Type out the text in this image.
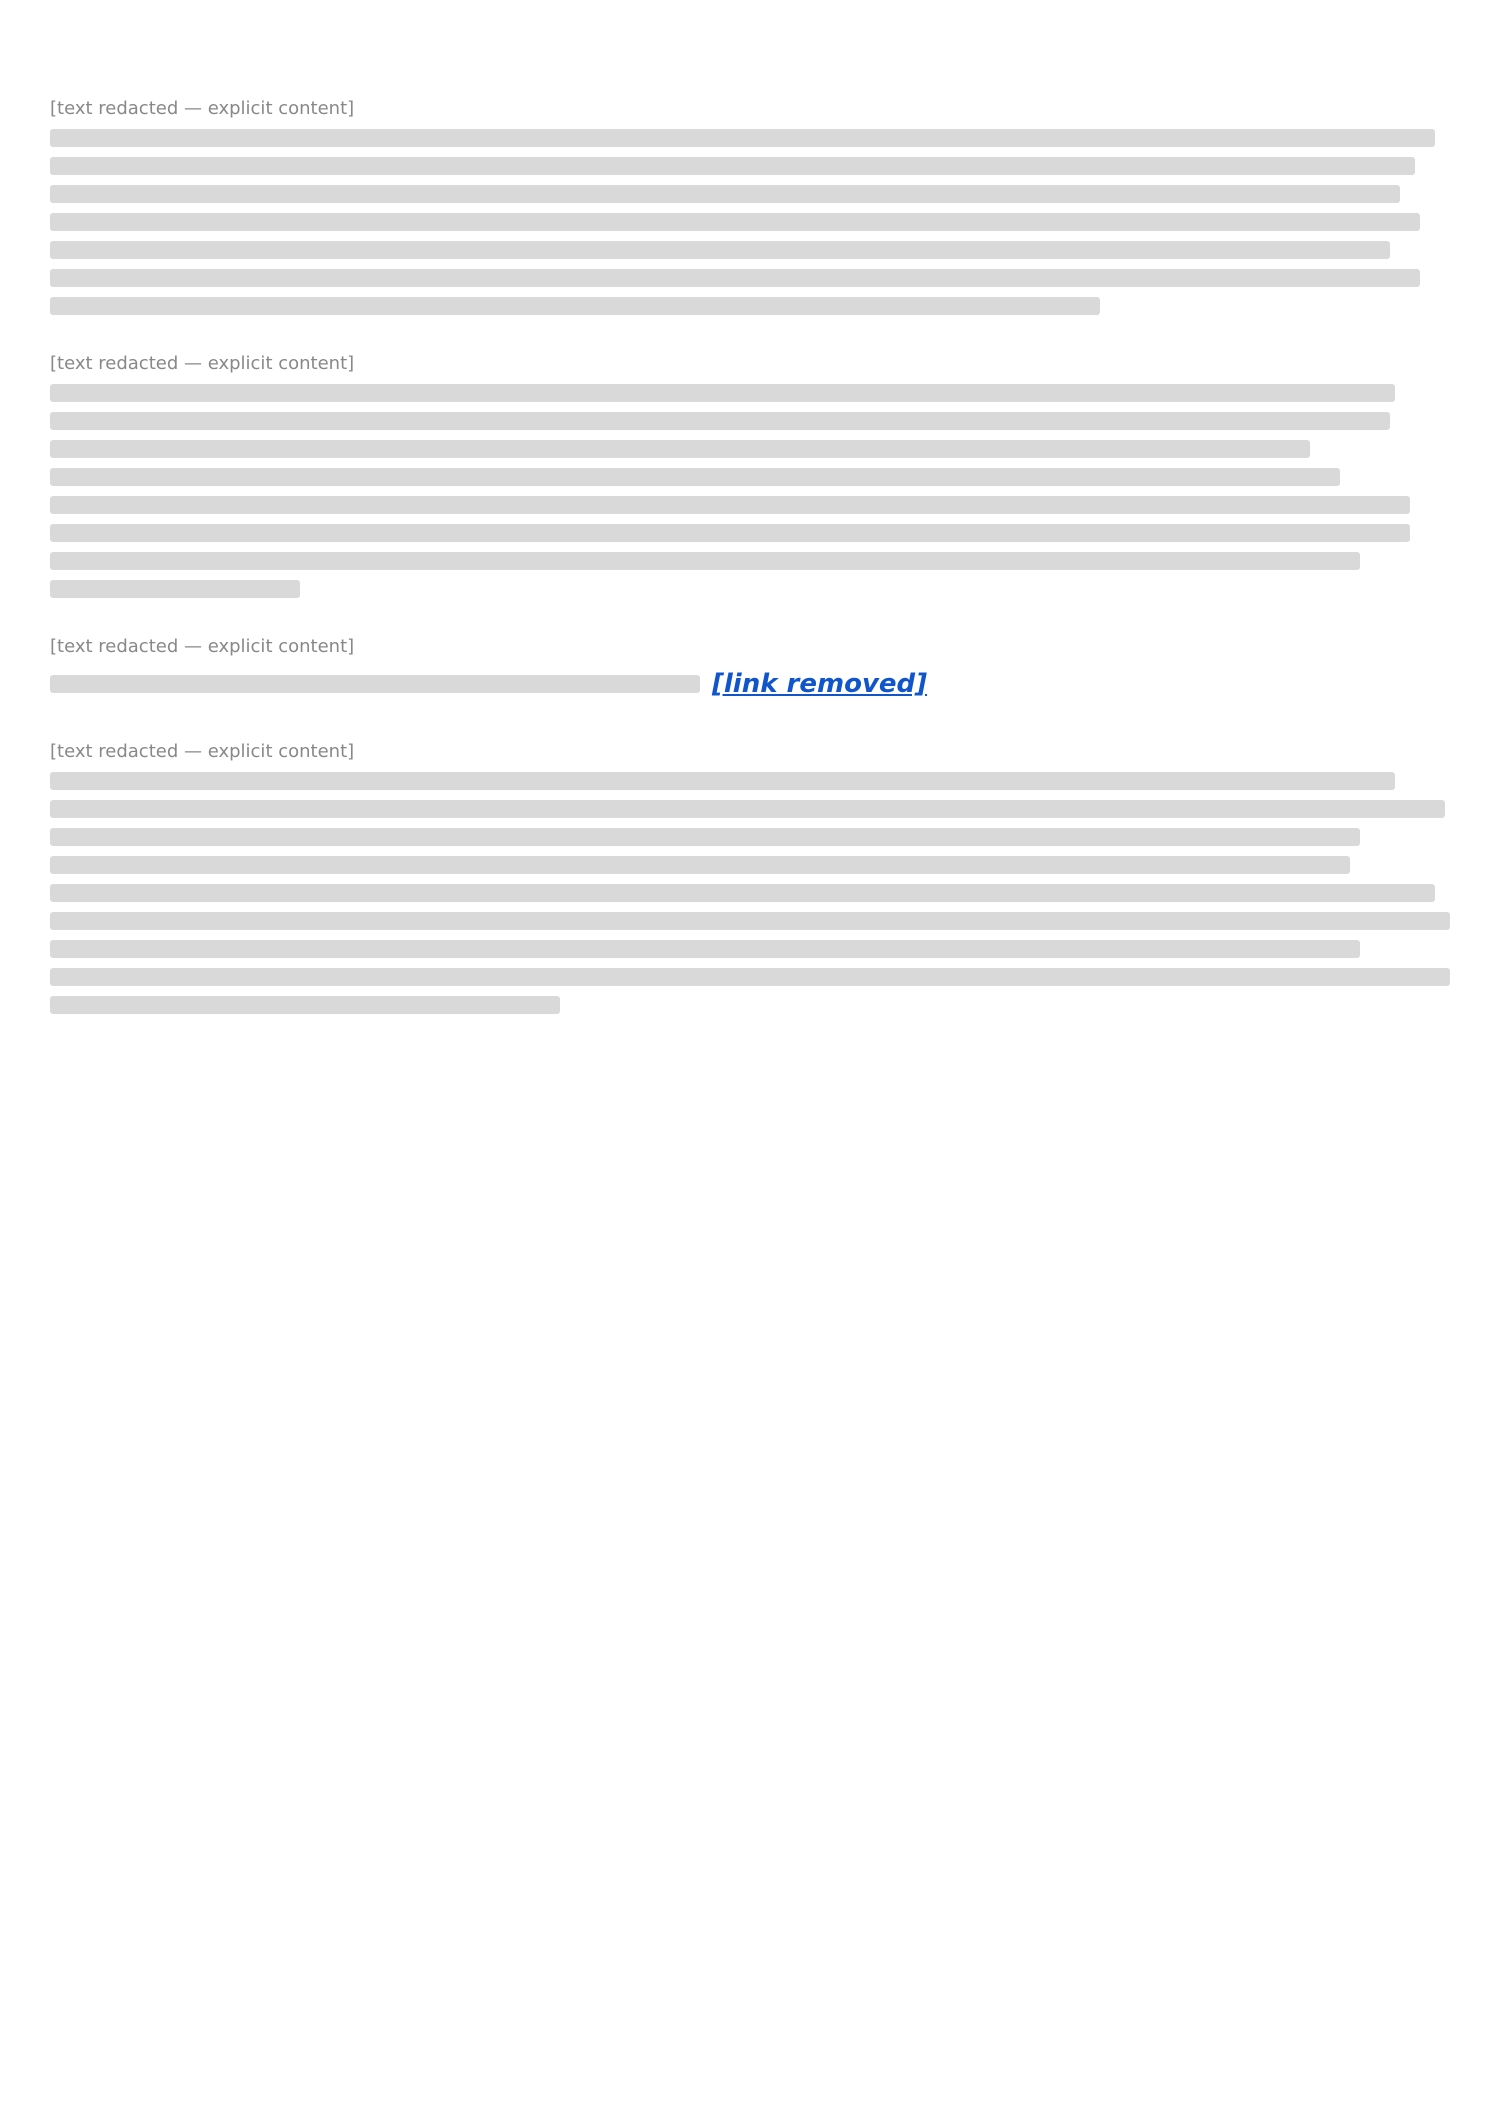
[text redacted — explicit content]
[text redacted — explicit content]
[text redacted — explicit content]
[link removed]
[text redacted — explicit content]
